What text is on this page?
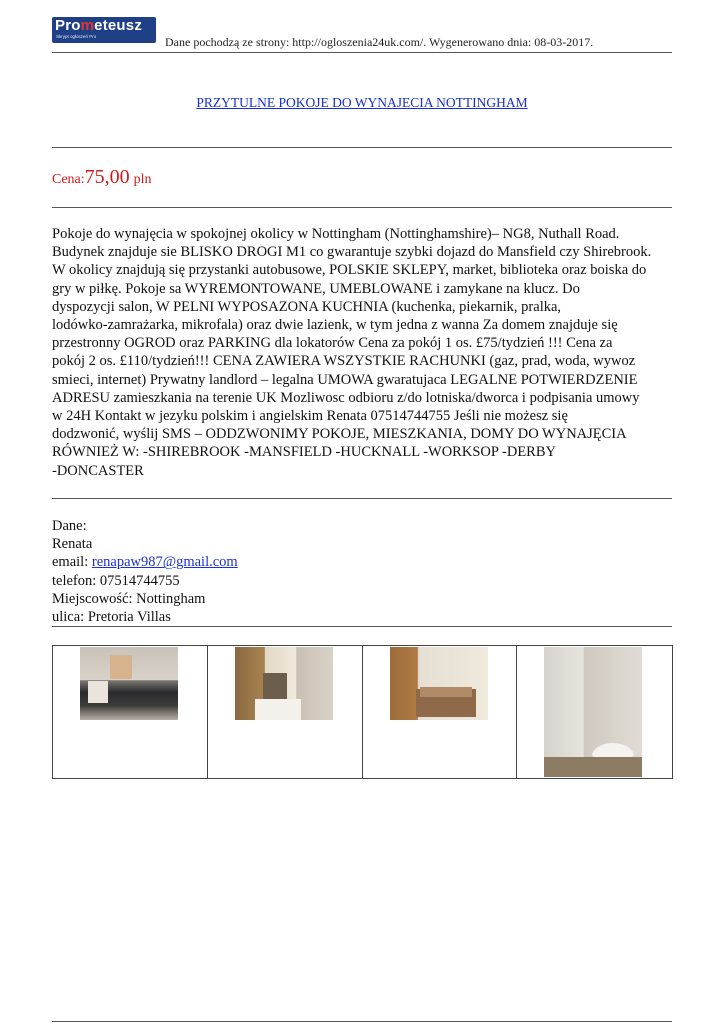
Prometeusz
Skrypt ogłoszeń Pro	Dane pochodzą ze strony: http://ogloszenia24uk.com/. Wygenerowano dnia: 08-03-2017.
PRZYTULNE POKOJE DO WYNAJECIA NOTTINGHAM
Cena:75,00 pln
Pokoje do wynajęcia w spokojnej okolicy w Nottingham (Nottinghamshire)– NG8, Nuthall Road.
Budynek znajduje sie BLISKO DROGI M1 co gwarantuje szybki dojazd do Mansfield czy Shirebrook.
W okolicy znajdują się przystanki autobusowe, POLSKIE SKLEPY, market, biblioteka oraz boiska do
gry w piłkę. Pokoje sa WYREMONTOWANE, UMEBLOWANE i zamykane na klucz. Do
dyspozycji salon, W PELNI WYPOSAZONA KUCHNIA (kuchenka, piekarnik, pralka,
lodówko-zamrażarka, mikrofala) oraz dwie lazienk, w tym jedna z wanna Za domem znajduje się
przestronny OGROD oraz PARKING dla lokatorów Cena za pokój 1 os. £75/tydzień !!! Cena za
pokój 2 os. £110/tydzień!!! CENA ZAWIERA WSZYSTKIE RACHUNKI (gaz, prad, woda, wywoz
smieci, internet) Prywatny landlord – legalna UMOWA gwaratujaca LEGALNE POTWIERDZENIE
ADRESU zamieszkania na terenie UK Mozliwosc odbioru z/do lotniska/dworca i podpisania umowy
w 24H Kontakt w jezyku polskim i angielskim Renata 07514744755 Jeśli nie możesz się
dodzwonić, wyślij SMS – ODDZWONIMY POKOJE, MIESZKANIA, DOMY DO WYNAJĘCIA
RÓWNIEŻ W: -SHIREBROOK -MANSFIELD -HUCKNALL -WORKSOP -DERBY
-DONCASTER
Dane:
Renata
email: renapaw987@gmail.com
telefon: 07514744755
Miejscowość: Nottingham
ulica: Pretoria Villas
